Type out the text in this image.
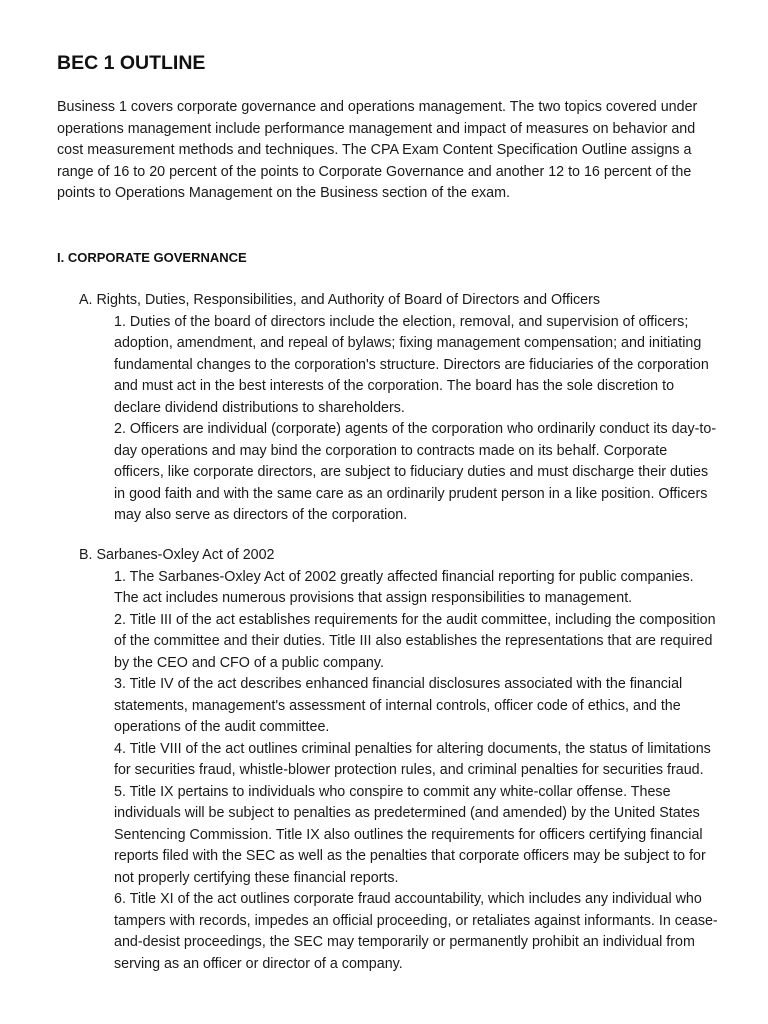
BEC 1 OUTLINE

Business 1 covers corporate governance and operations management. The two topics covered under operations management include performance management and impact of measures on behavior and cost measurement methods and techniques. The CPA Exam Content Specification Outline assigns a range of 16 to 20 percent of the points to Corporate Governance and another 12 to 16 percent of the points to Operations Management on the Business section of the exam.

I. CORPORATE GOVERNANCE

A. Rights, Duties, Responsibilities, and Authority of Board of Directors and Officers

1. Duties of the board of directors include the election, removal, and supervision of officers; adoption, amendment, and repeal of bylaws; fixing management compensation; and initiating fundamental changes to the corporation's structure. Directors are fiduciaries of the corporation and must act in the best interests of the corporation. The board has the sole discretion to declare dividend distributions to shareholders.
2. Officers are individual (corporate) agents of the corporation who ordinarily conduct its day-to-day operations and may bind the corporation to contracts made on its behalf. Corporate officers, like corporate directors, are subject to fiduciary duties and must discharge their duties in good faith and with the same care as an ordinarily prudent person in a like position. Officers may also serve as directors of the corporation.

B. Sarbanes-Oxley Act of 2002

1. The Sarbanes-Oxley Act of 2002 greatly affected financial reporting for public companies. The act includes numerous provisions that assign responsibilities to management.
2. Title III of the act establishes requirements for the audit committee, including the composition of the committee and their duties. Title III also establishes the representations that are required by the CEO and CFO of a public company.
3. Title IV of the act describes enhanced financial disclosures associated with the financial statements, management's assessment of internal controls, officer code of ethics, and the operations of the audit committee.
4. Title VIII of the act outlines criminal penalties for altering documents, the status of limitations for securities fraud, whistle-blower protection rules, and criminal penalties for securities fraud.
5. Title IX pertains to individuals who conspire to commit any white-collar offense. These individuals will be subject to penalties as predetermined (and amended) by the United States Sentencing Commission. Title IX also outlines the requirements for officers certifying financial reports filed with the SEC as well as the penalties that corporate officers may be subject to for not properly certifying these financial reports.
6. Title XI of the act outlines corporate fraud accountability, which includes any individual who tampers with records, impedes an official proceeding, or retaliates against informants. In cease-and-desist proceedings, the SEC may temporarily or permanently prohibit an individual from serving as an officer or director of a company.
